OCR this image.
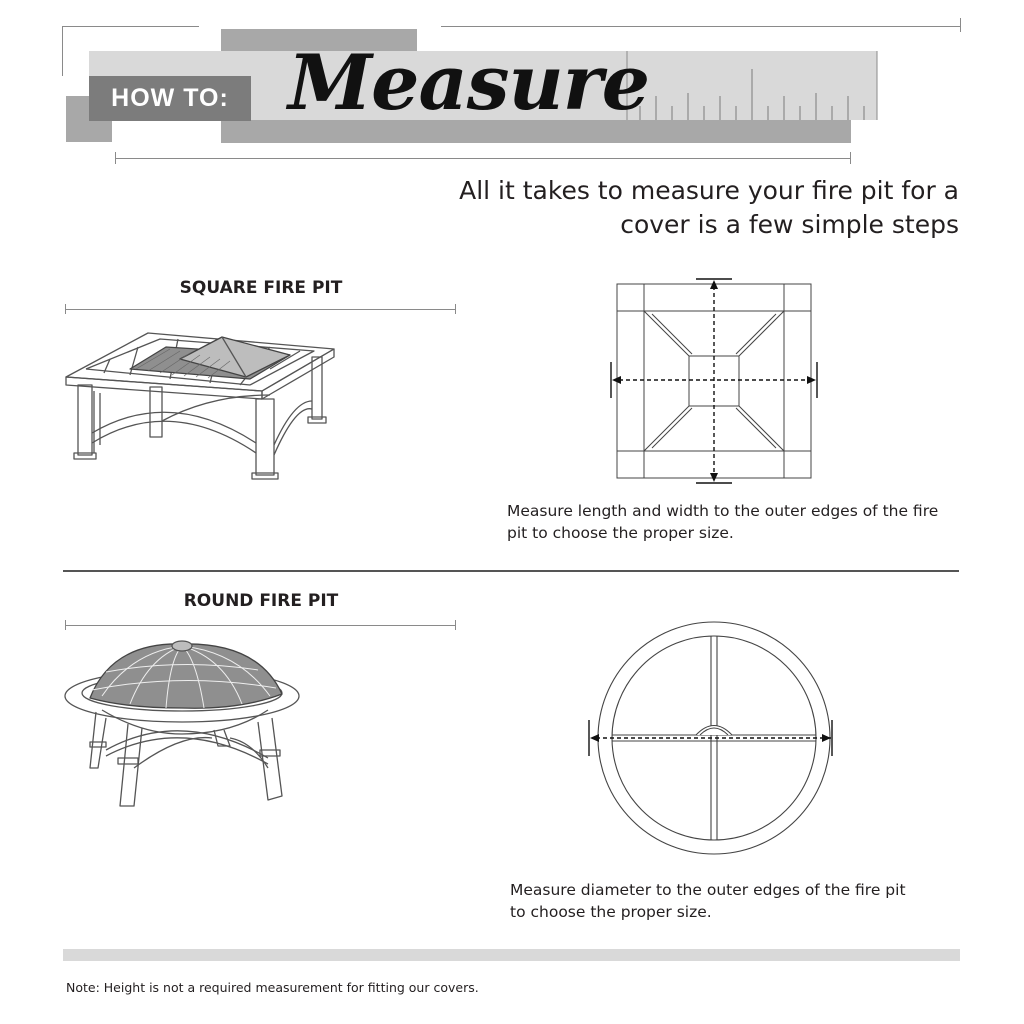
HOW TO: Measure
All it takes to measure your fire pit for a
cover is a few simple steps
SQUARE FIRE PIT
Measure length and width to the outer edges of the fire
pit to choose the proper size.
ROUND FIRE PIT
Measure diameter to the outer edges of the fire pit
to choose the proper size.
Note: Height is not a required measurement for fitting our covers.
